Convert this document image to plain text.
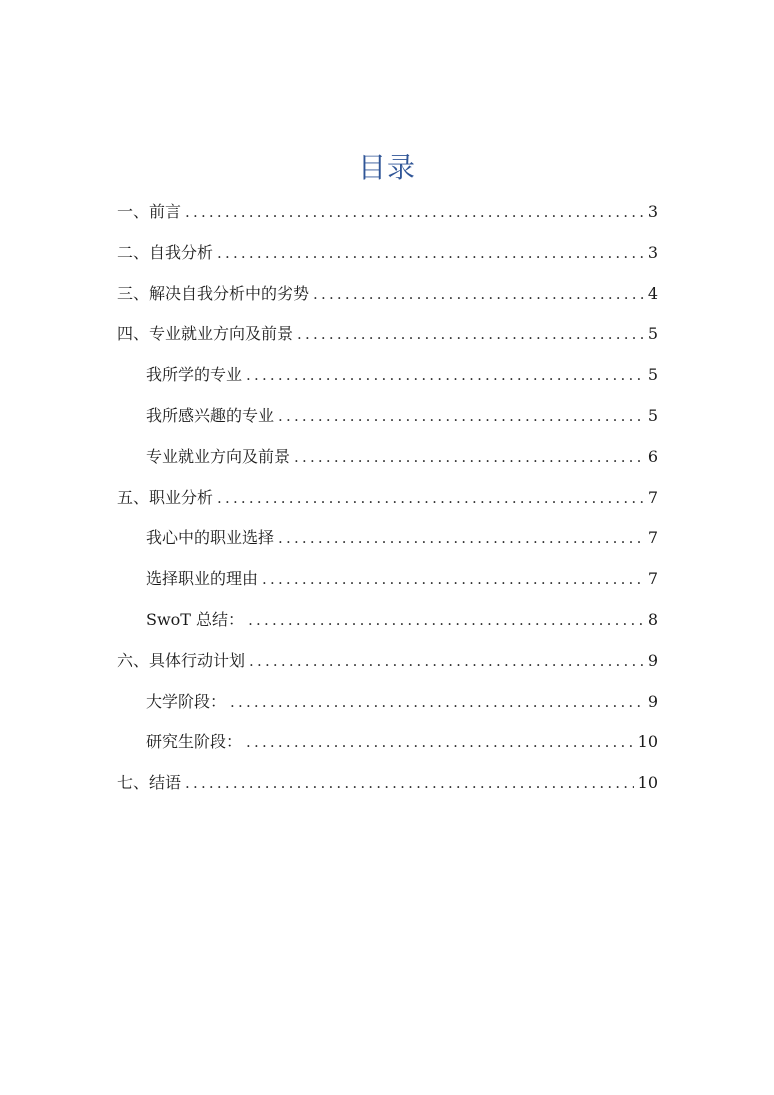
目录
一、前言 .....	3
二、自我分析 .....	3
三、解决自我分析中的劣势 .....	4
四、专业就业方向及前景 .....	5
我所学的专业 .....	5
我所感兴趣的专业 .....	5
专业就业方向及前景 .....	6
五、职业分析 .....	7
我心中的职业选择 .....	7
选择职业的理由 .....	7
SwoT 总结： .....	8
六、具体行动计划 .....	9
大学阶段： .....	9
研究生阶段： .....	10
七、结语 .....	10
